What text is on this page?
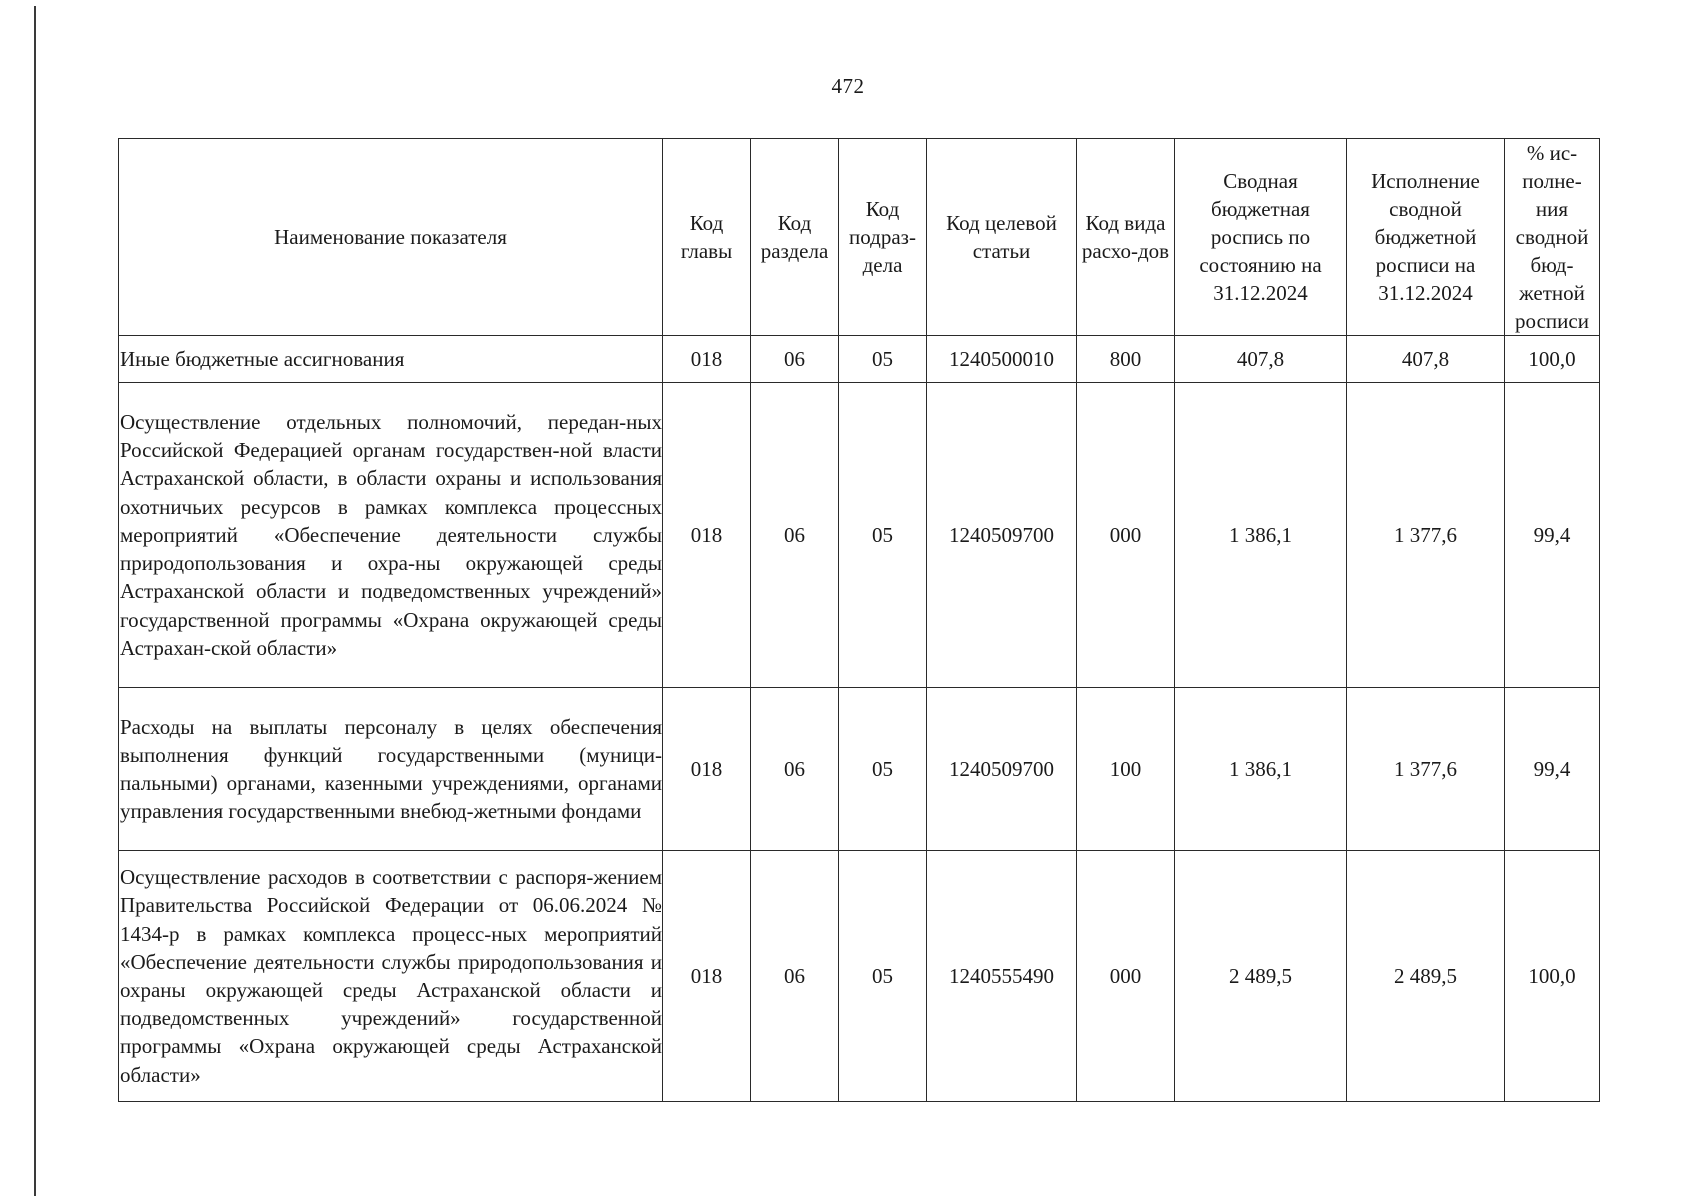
472
Наименование показателя	Код главы	Код раздела	Код подраз-дела	Код целевой статьи	Код вида расхо-дов	Сводная бюджетная роспись по состоянию на 31.12.2024	Исполнение сводной бюджетной росписи на 31.12.2024	% ис-полне-ния сводной бюд-жетной росписи
Иные бюджетные ассигнования	018	06	05	1240500010	800	407,8	407,8	100,0
Осуществление отдельных полномочий, передан-ных Российской Федерацией органам государствен-ной власти Астраханской области, в области охраны и использования охотничьих ресурсов в рамках комплекса процессных мероприятий «Обеспечение деятельности службы природопользования и охра-ны окружающей среды Астраханской области и подведомственных учреждений» государственной программы «Охрана окружающей среды Астрахан-ской области»	018	06	05	1240509700	000	1 386,1	1 377,6	99,4
Расходы на выплаты персоналу в целях обеспечения выполнения функций государственными (муници-пальными) органами, казенными учреждениями, органами управления государственными внебюд-жетными фондами	018	06	05	1240509700	100	1 386,1	1 377,6	99,4
Осуществление расходов в соответствии с распоря-жением Правительства Российской Федерации от 06.06.2024 № 1434-р в рамках комплекса процесс-ных мероприятий «Обеспечение деятельности службы природопользования и охраны окружающей среды Астраханской области и подведомственных учреждений» государственной программы «Охрана окружающей среды Астраханской области»	018	06	05	1240555490	000	2 489,5	2 489,5	100,0
